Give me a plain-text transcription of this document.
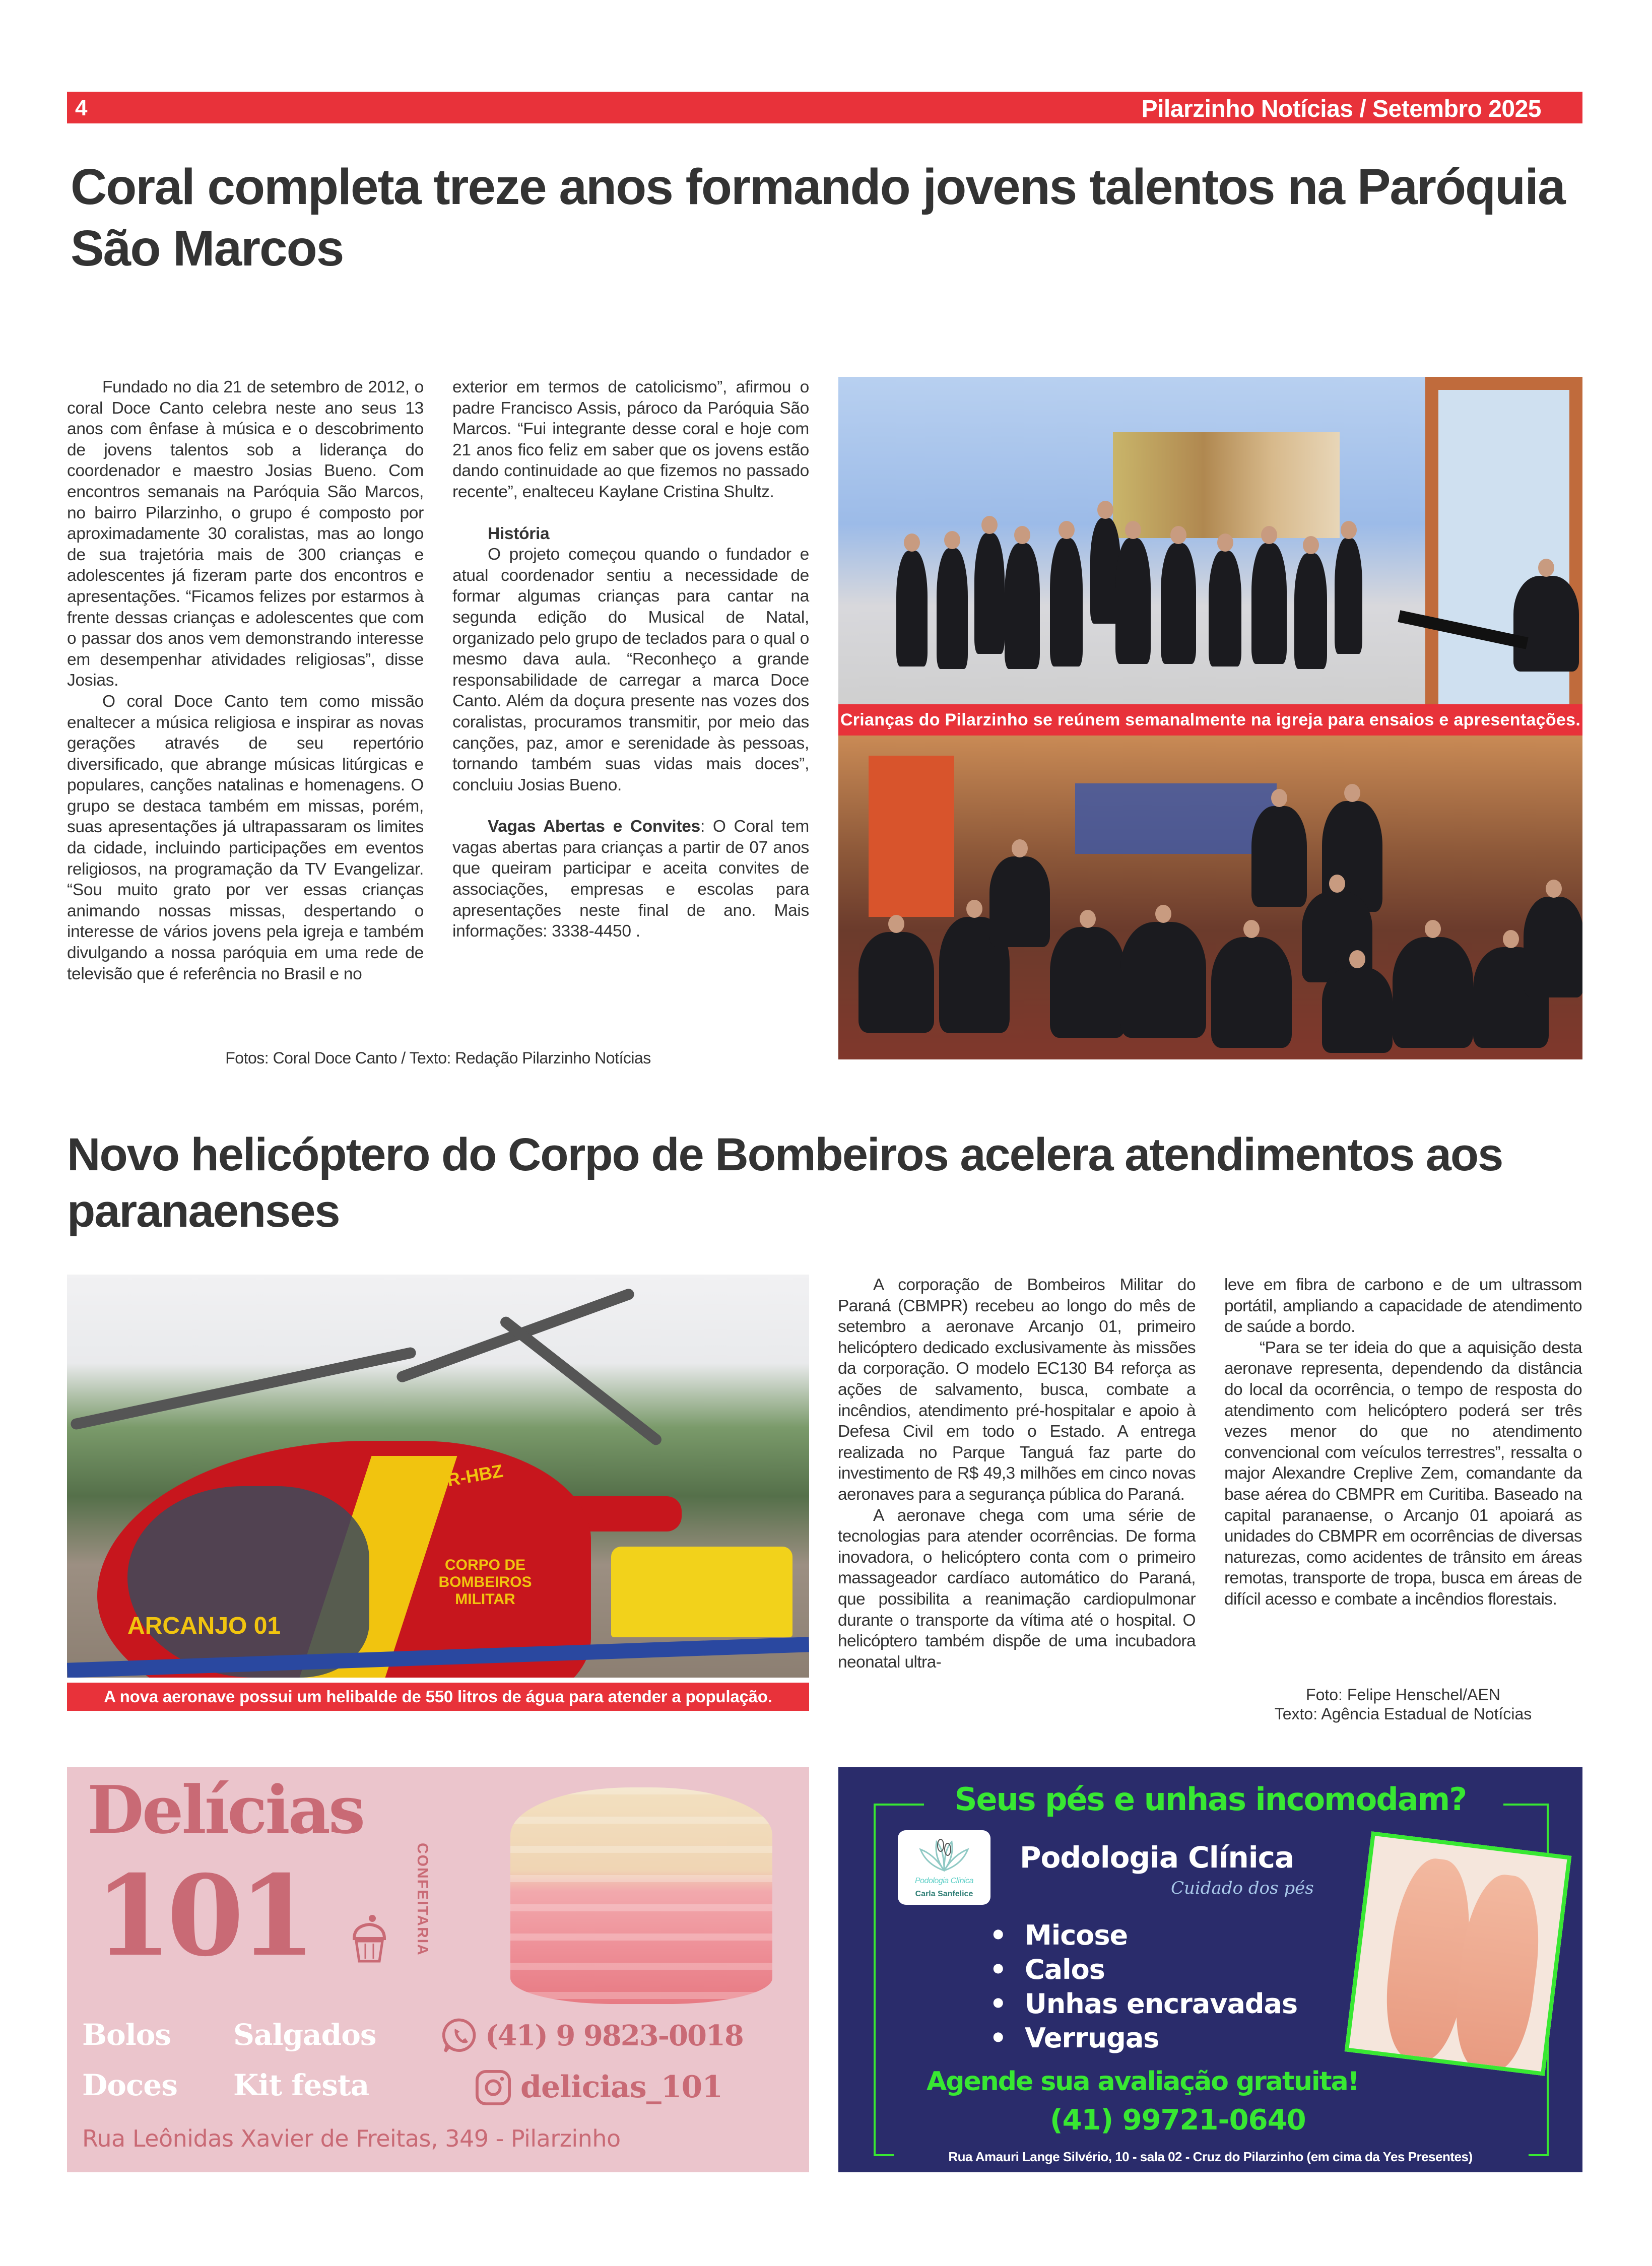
4	Pilarzinho Notícias / Setembro 2025
Coral completa treze anos formando jovens talentos na Paróquia São Marcos

Fundado no dia 21 de setembro de 2012, o coral Doce Canto celebra neste ano seus 13 anos com ênfase à música e o descobrimento de jovens talentos sob a liderança do coordenador e maestro Josias Bueno. Com encontros semanais na Paróquia São Marcos, no bairro Pilarzinho, o grupo é composto por aproximadamente 30 coralistas, mas ao longo de sua trajetória mais de 300 crianças e adolescentes já fizeram parte dos encontros e apresentações. “Ficamos felizes por estarmos à frente dessas crianças e adolescentes que com o passar dos anos vem demonstrando interesse em desempenhar atividades religiosas”, disse Josias.

O coral Doce Canto tem como missão enaltecer a música religiosa e inspirar as novas gerações através de seu repertório diversificado, que abrange músicas litúrgicas e populares, canções natalinas e homenagens. O grupo se destaca também em missas, porém, suas apresentações já ultrapassaram os limites da cidade, incluindo participações em eventos religiosos, na programação da TV Evangelizar. “Sou muito grato por ver essas crianças animando nossas missas, despertando o interesse de vários jovens pela igreja e também divulgando a nossa paróquia em uma rede de televisão que é referência no Brasil e no

exterior em termos de catolicismo”, afirmou o padre Francisco Assis, pároco da Paróquia São Marcos. “Fui integrante desse coral e hoje com 21 anos fico feliz em saber que os jovens estão dando continuidade ao que fizemos no passado recente”, enalteceu Kaylane Cristina Shultz.

História

O projeto começou quando o fundador e atual coordenador sentiu a necessidade de formar algumas crianças para cantar na segunda edição do Musical de Natal, organizado pelo grupo de teclados para o qual o mesmo dava aula. “Reconheço a grande responsabilidade de carregar a marca Doce Canto. Além da doçura presente nas vozes dos coralistas, procuramos transmitir, por meio das canções, paz, amor e serenidade às pessoas, tornando também suas vidas mais doces”, concluiu Josias Bueno.

Vagas Abertas e Convites: O Coral tem vagas abertas para crianças a partir de 07 anos que queiram participar e aceita convites de associações, empresas e escolas para apresentações neste final de ano. Mais informações: 3338-4450 .

Fotos: Coral Doce Canto / Texto: Redação Pilarzinho Notícias
Crianças do Pilarzinho se reúnem semanalmente na igreja para ensaios e apresentações.
Novo helicóptero do Corpo de Bombeiros acelera atendimentos aos paranaenses
PR-HBZ
ARCANJO 01
CORPO DE BOMBEIROS MILITAR
A nova aeronave possui um helibalde de 550 litros de água para atender a população.

A corporação de Bombeiros Militar do Paraná (CBMPR) recebeu ao longo do mês de setembro a aeronave Arcanjo 01, primeiro helicóptero dedicado exclusivamente às missões da corporação. O modelo EC130 B4 reforça as ações de salvamento, busca, combate a incêndios, atendimento pré-hospitalar e apoio à Defesa Civil em todo o Estado. A entrega realizada no Parque Tanguá faz parte do investimento de R$ 49,3 milhões em cinco novas aeronaves para a segurança pública do Paraná.

A aeronave chega com uma série de tecnologias para atender ocorrências. De forma inovadora, o helicóptero conta com o primeiro massageador cardíaco automático do Paraná, que possibilita a reanimação cardiopulmonar durante o transporte da vítima até o hospital. O helicóptero também dispõe de uma incubadora neonatal ultra-

leve em fibra de carbono e de um ultrassom portátil, ampliando a capacidade de atendimento de saúde a bordo.

“Para se ter ideia do que a aquisição desta aeronave representa, dependendo da distância do local da ocorrência, o tempo de resposta do atendimento com helicóptero poderá ser três vezes menor do que no atendimento convencional com veículos terrestres”, ressalta o major Alexandre Creplive Zem, comandante da base aérea do CBMPR em Curitiba. Baseado na capital paranaense, o Arcanjo 01 apoiará as unidades do CBMPR em ocorrências de diversas naturezas, como acidentes de trânsito em áreas remotas, transporte de tropa, busca em áreas de difícil acesso e combate a incêndios florestais.

Foto: Felipe Henschel/AEN
Texto: Agência Estadual de Notícias
Delícias
101	CONFEITARIA
Bolos Salgados
Doces Kit festa
(41) 9 9823-0018
delicias_101
Rua Leônidas Xavier de Freitas, 349 - Pilarzinho
Seus pés e unhas incomodam?
Podologia Clínica
Carla Sanfelice
Podologia Clínica
Cuidado dos pés
• Micose
• Calos
• Unhas encravadas
• Verrugas
Agende sua avaliação gratuita!
(41) 99721-0640
Rua Amauri Lange Silvério, 10 - sala 02 - Cruz do Pilarzinho (em cima da Yes Presentes)
